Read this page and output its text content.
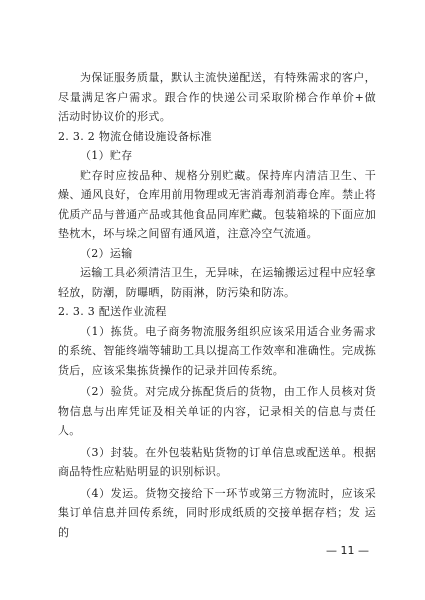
为保证服务质量，默认主流快递配送，有特殊需求的客户，尽量满足客户需求。跟合作的快递公司采取阶梯合作单价+做 活动时协议价的形式。

2. 3. 2 物流仓储设施设备标准

（1）贮存

贮存时应按品种、规格分别贮藏。保持库内清洁卫生、干燥、通风良好，仓库用前用物理或无害消毒剂消毒仓库。禁止将优质产品与普通产品或其他食品同库贮藏。包装箱垛的下面应加垫枕木，坏与垛之间留有通风道，注意冷空气流通。

（2）运输

运输工具必须清洁卫生，无异味，在运输搬运过程中应轻拿轻放，防潮，防曝晒，防雨淋，防污染和防冻。

2. 3. 3 配送作业流程

（1）拣货。电子商务物流服务组织应该采用适合业务需求的系统、智能终端等辅助工具以提高工作效率和准确性。完成拣货后，应该采集拣货操作的记录并回传系统。

（2）验货。对完成分拣配货后的货物，由工作人员核对货物信息与出库凭证及相关单证的内容，记录相关的信息与责任人。

（3）封装。在外包装粘贴货物的订单信息或配送单。根据商品特性应粘贴明显的识别标识。

（4）发运。货物交接给下一环节或第三方物流时，应该采集订单信息并回传系统，同时形成纸质的交接单据存档；发 运的

— 11 —
